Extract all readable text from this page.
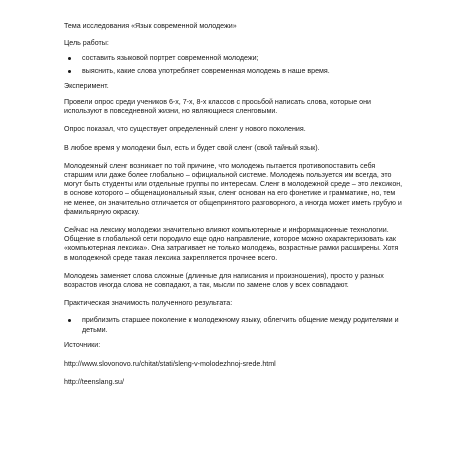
Тема исследования «Язык современной молодежи»

Цель работы:

составить языковой портрет современной молодежи;
выяснить, какие слова употребляет современная молодежь в наше время.

Эксперимент.

Провели опрос среди учеников 6-х, 7-х, 8-х классов с просьбой написать слова, которые они используют в повседневной жизни, но являющиеся сленговыми.

Опрос показал, что существует определенный сленг у нового поколения.

В любое время у молодежи был, есть и будет свой сленг (свой тайный язык).

Молодежный сленг возникает по той причине, что молодежь пытается противопоставить себя старшим или даже более глобально – официальной системе. Молодежь пользуется им всегда, это могут быть студенты или отдельные группы по интересам. Сленг в молодежной среде – это лексикон, в основе которого – общенациональный язык, сленг основан на его фонетике и грамматике, но, тем не менее, он значительно отличается от общепринятого разговорного, а иногда может иметь грубую и фамильярную окраску.

Сейчас на лексику молодежи значительно влияют компьютерные и информационные технологии. Общение в глобальной сети породило еще одно направление, которое можно охарактеризовать как «компьютерная лексика». Она затрагивает не только молодежь, возрастные рамки расширены. Хотя в молодежной среде такая лексика закрепляется прочнее всего.

Молодежь заменяет слова сложные (длинные для написания и произношения), просто у разных возрастов иногда слова не совпадают, а так, мысли по замене слов у всех совпадают.

Практическая значимость полученного результата:

приблизить старшее поколение к молодежному языку, облегчить общение между родителями и детьми.

Источники:

http://www.slovonovo.ru/chitat/stati/sleng-v-molodezhnoj-srede.html

http://teenslang.su/
